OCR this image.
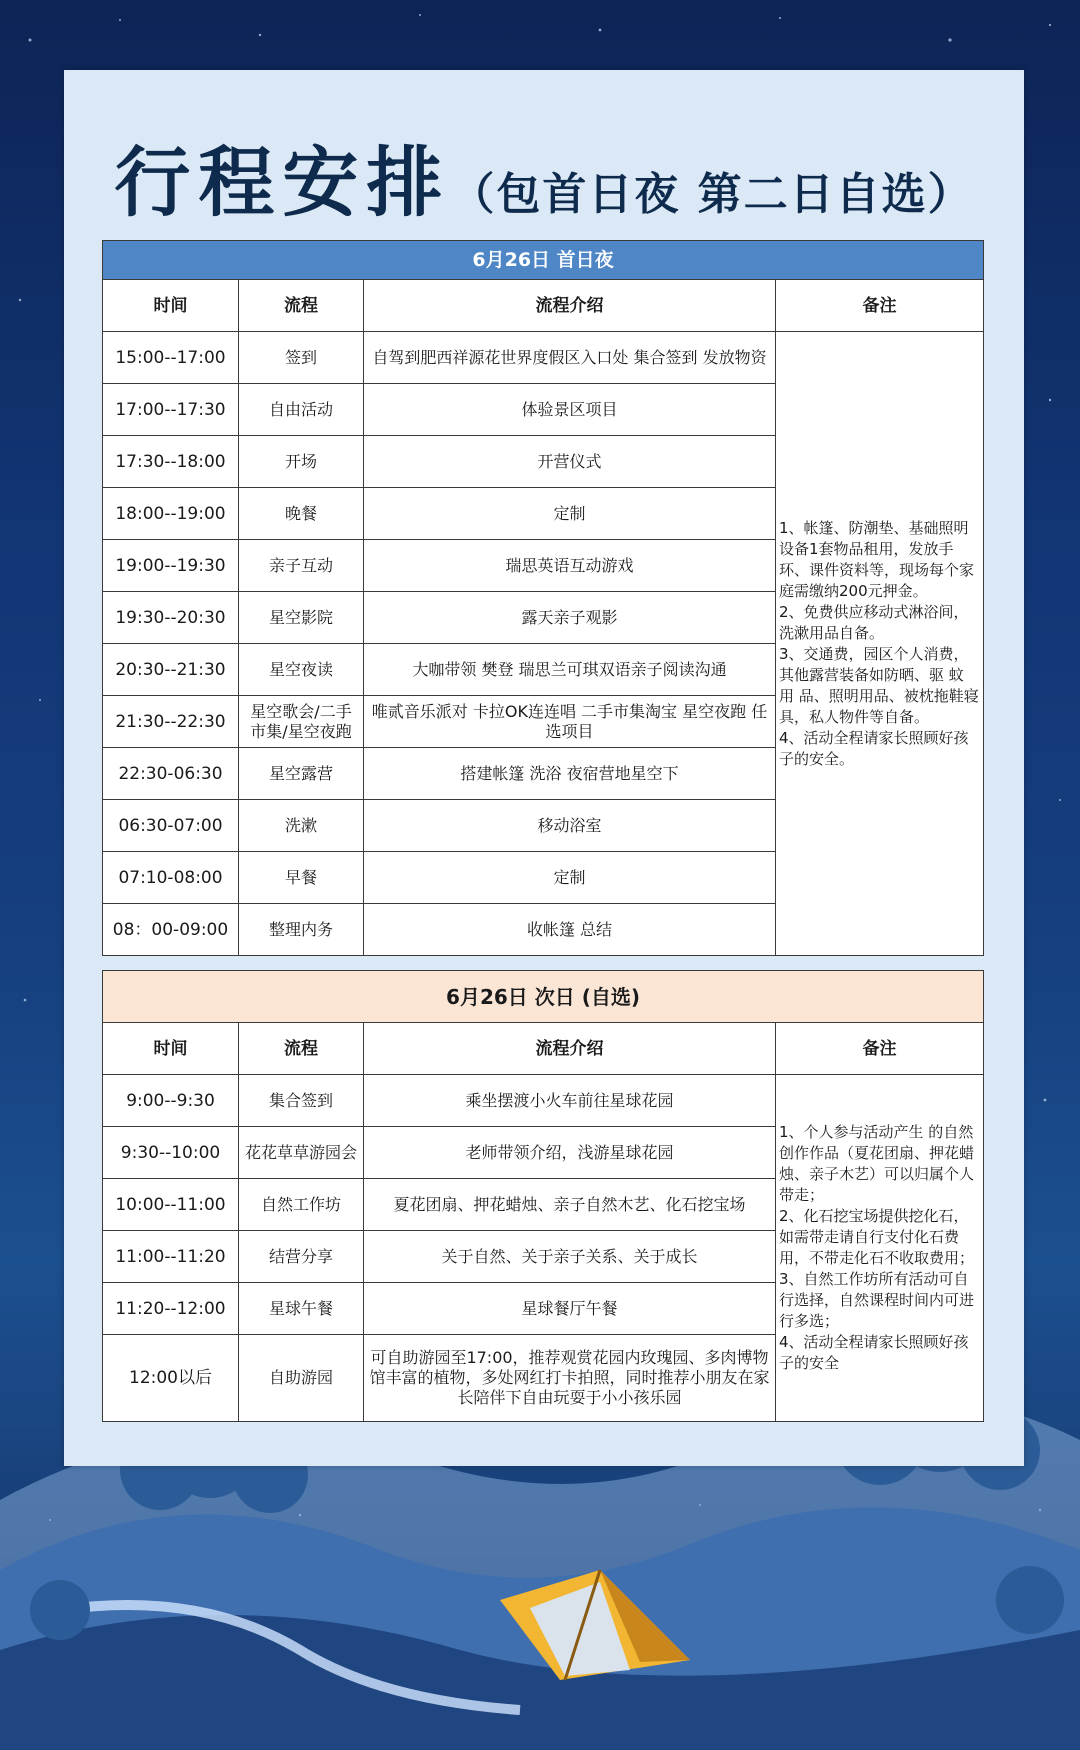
行程安排（包首日夜 第二日自选）
6月26日 首日夜			
时间	流程	流程介绍	备注
15:00--17:00	签到	自驾到肥西祥源花世界度假区入口处 集合签到 发放物资	1、帐篷、防潮垫、基础照明设备1套物品租用，发放手环、课件资料等，现场每个家庭需缴纳200元押金。
2、免费供应移动式淋浴间，洗漱用品自备。
3、交通费，园区个人消费，其他露营装备如防晒、驱 蚊 用 品、照明用品、被枕拖鞋寝具，私人物件等自备。
4、活动全程请家长照顾好孩子的安全。
17:00--17:30	自由活动	体验景区项目	
17:30--18:00	开场	开营仪式	
18:00--19:00	晚餐	定制	
19:00--19:30	亲子互动	瑞思英语互动游戏	
19:30--20:30	星空影院	露天亲子观影	
20:30--21:30	星空夜读	大咖带领 樊登 瑞思兰可琪双语亲子阅读沟通	
21:30--22:30	星空歌会/二手市集/星空夜跑	唯贰音乐派对 卡拉OK连连唱 二手市集淘宝 星空夜跑 任选项目	
22:30-06:30	星空露营	搭建帐篷 洗浴 夜宿营地星空下	
06:30-07:00	洗漱	移动浴室	
07:10-08:00	早餐	定制	
08：00-09:00	整理内务	收帐篷 总结	
6月26日 次日 (自选)			
时间	流程	流程介绍	备注
9:00--9:30	集合签到	乘坐摆渡小火车前往星球花园	1、个人参与活动产生 的自然创作作品（夏花团扇、押花蜡烛、亲子木艺）可以归属个人带走；
2、化石挖宝场提供挖化石，如需带走请自行支付化石费用，不带走化石不收取费用；
3、自然工作坊所有活动可自行选择，自然课程时间内可进行多选；
4、活动全程请家长照顾好孩子的安全
9:30--10:00	花花草草游园会	老师带领介绍，浅游星球花园	
10:00--11:00	自然工作坊	夏花团扇、押花蜡烛、亲子自然木艺、化石挖宝场	
11:00--11:20	结营分享	关于自然、关于亲子关系、关于成长	
11:20--12:00	星球午餐	星球餐厅午餐	
12:00以后	自助游园	可自助游园至17:00，推荐观赏花园内玫瑰园、多肉博物馆丰富的植物，多处网红打卡拍照，同时推荐小朋友在家长陪伴下自由玩耍于小小孩乐园	
